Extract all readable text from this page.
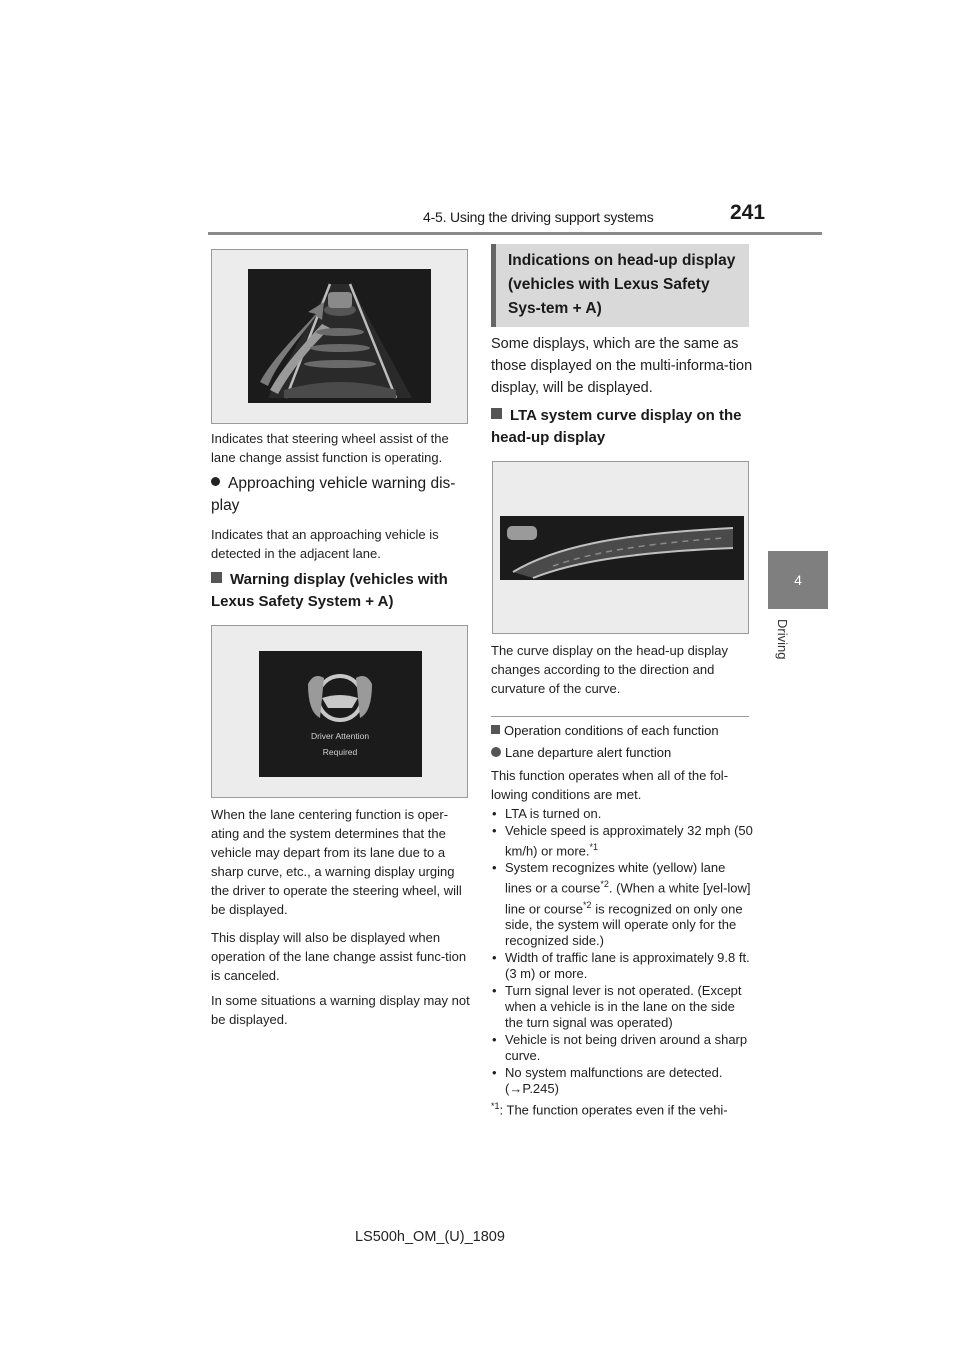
4-5. Using the driving support systems	241
4
Driving
Indicates that steering wheel assist of the lane change assist function is operating.
Approaching vehicle warning dis-play
Indicates that an approaching vehicle is detected in the adjacent lane.
Warning display (vehicles with Lexus Safety System + A)
Driver Attention
Required
When the lane centering function is oper-ating and the system determines that the vehicle may depart from its lane due to a sharp curve, etc., a warning display urging the driver to operate the steering wheel, will be displayed.
This display will also be displayed when operation of the lane change assist func-tion is canceled.
In some situations a warning display may not be displayed.
Indications on head-up display (vehicles with Lexus Safety Sys-tem + A)
Some displays, which are the same as those displayed on the multi-informa-tion display, will be displayed.
LTA system curve display on the head-up display
The curve display on the head-up display changes according to the direction and curvature of the curve.
Operation conditions of each function
Lane departure alert function
This function operates when all of the fol-lowing conditions are met.
• LTA is turned on.
• Vehicle speed is approximately 32 mph (50 km/h) or more.$^{*1}$
• System recognizes white (yellow) lane lines or a course$^{*2}$. (When a white [yel-low] line or course$^{*2}$ is recognized on only one side, the system will operate only for the recognized side.)
• Width of traffic lane is approximately 9.8 ft. (3 m) or more.
• Turn signal lever is not operated. (Except when a vehicle is in the lane on the side the turn signal was operated)
• Vehicle is not being driven around a sharp curve.
• No system malfunctions are detected.
(→P.245)
$^{*1}$: The function operates even if the vehi-
LS500h_OM_(U)_1809
